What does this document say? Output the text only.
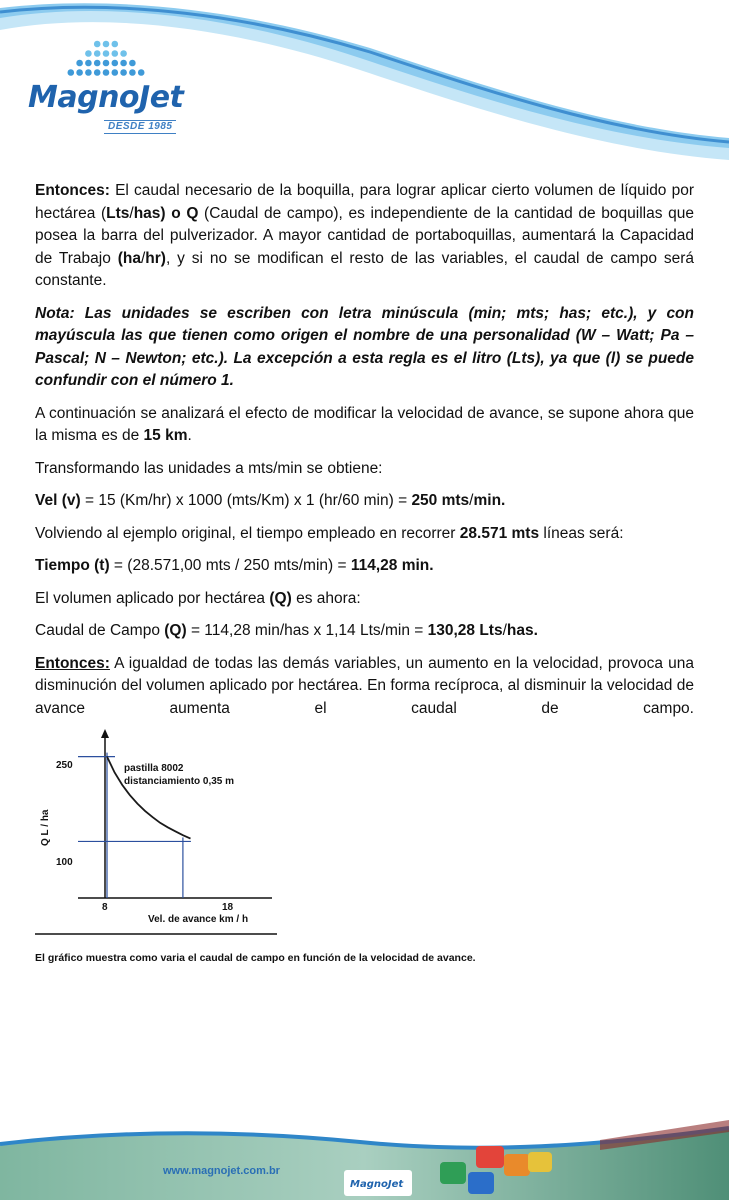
MagnoJet
DESDE 1985

Entonces: El caudal necesario de la boquilla, para lograr aplicar cierto volumen de líquido por hectárea (Lts/has) o Q (Caudal de campo), es independiente de la cantidad de boquillas que posea la barra del pulverizador. A mayor cantidad de portaboquillas, aumentará la Capacidad de Trabajo (ha/hr), y si no se modifican el resto de las variables, el caudal de campo será constante.

Nota: Las unidades se escriben con letra minúscula (min; mts; has; etc.), y con mayúscula las que tienen como origen el nombre de una personalidad (W – Watt; Pa – Pascal; N – Newton; etc.). La excepción a esta regla es el litro (Lts), ya que (l) se puede confundir con el número 1.

A continuación se analizará el efecto de modificar la velocidad de avance, se supone ahora que la misma es de 15 km.

Transformando las unidades a mts/min se obtiene:

Vel (v) = 15 (Km/hr) x 1000 (mts/Km) x 1 (hr/60 min) = 250 mts/min.

Volviendo al ejemplo original, el tiempo empleado en recorrer 28.571 mts líneas será:

Tiempo (t) = (28.571,00 mts / 250 mts/min) = 114,28 min.

El volumen aplicado por hectárea (Q) es ahora:

Caudal de Campo (Q) = 114,28 min/has x 1,14 Lts/min = 130,28 Lts/has.

Entonces: A igualdad de todas las demás variables, un aumento en la velocidad, provoca una disminución del volumen aplicado por hectárea. En forma recíproca, al disminuir la velocidad de avance aumenta el caudal de campo.

250
100
8	18
Q L / ha
Vel. de avance km / h
pastilla 8002
distanciamiento 0,35 m
El gráfico muestra como varia el caudal de campo en función de la velocidad de avance.
www.magnojet.com.br
MagnoJet
